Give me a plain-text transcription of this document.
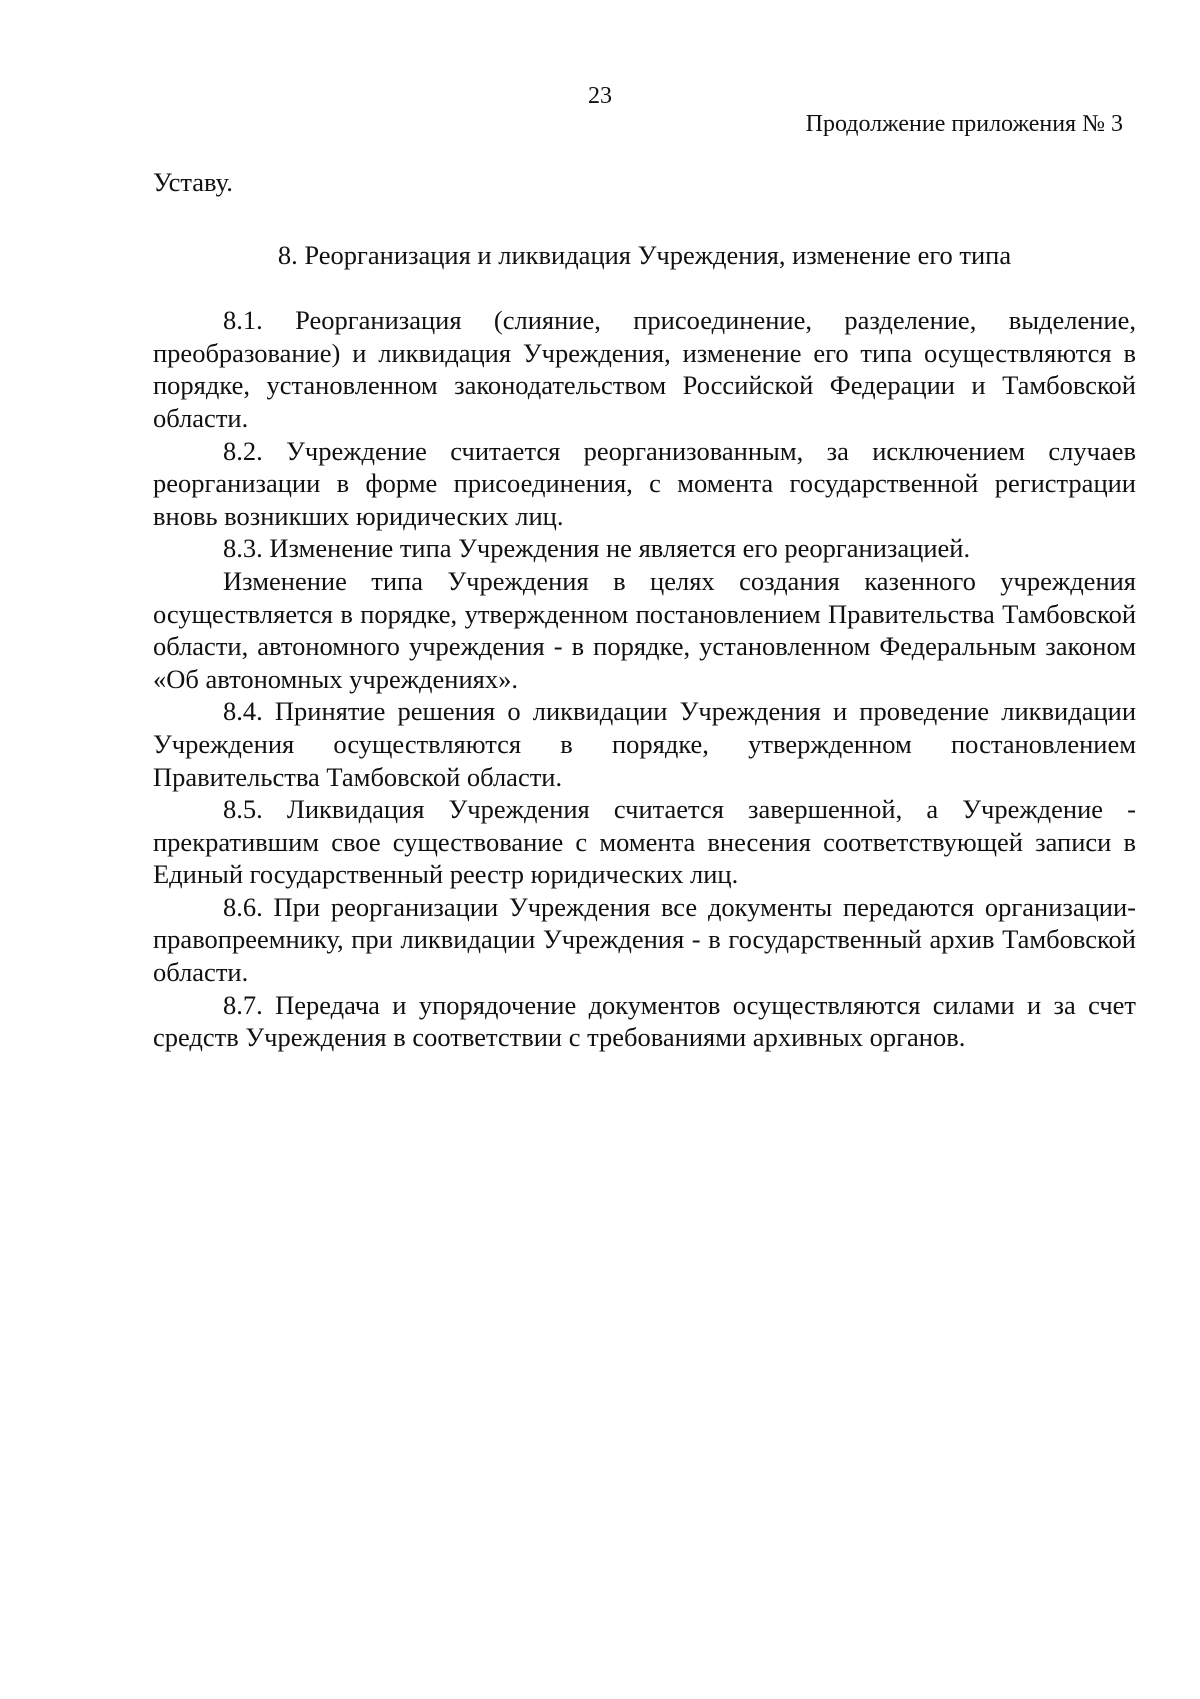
23
Продолжение приложения № 3

Уставу.

8. Реорганизация и ликвидация Учреждения, изменение его типа

8.1. Реорганизация (слияние, присоединение, разделение, выделение, преобразование) и ликвидация Учреждения, изменение его типа осуществляются в порядке, установленном законодательством Российской Федерации и Тамбовской области.

8.2. Учреждение считается реорганизованным, за исключением случаев реорганизации в форме присоединения, с момента государственной регистрации вновь возникших юридических лиц.

8.3. Изменение типа Учреждения не является его реорганизацией.

Изменение типа Учреждения в целях создания казенного учреждения осуществляется в порядке, утвержденном постановлением Правительства Тамбовской области, автономного учреждения - в порядке, установленном Федеральным законом «Об автономных учреждениях».

8.4. Принятие решения о ликвидации Учреждения и проведение ликвидации Учреждения осуществляются в порядке, утвержденном постановлением Правительства Тамбовской области.

8.5. Ликвидация Учреждения считается завершенной, а Учреждение - прекратившим свое существование с момента внесения соответствующей записи в Единый государственный реестр юридических лиц.

8.6. При реорганизации Учреждения все документы передаются организации-правопреемнику, при ликвидации Учреждения - в государственный архив Тамбовской области.

8.7. Передача и упорядочение документов осуществляются силами и за счет средств Учреждения в соответствии с требованиями архивных органов.
